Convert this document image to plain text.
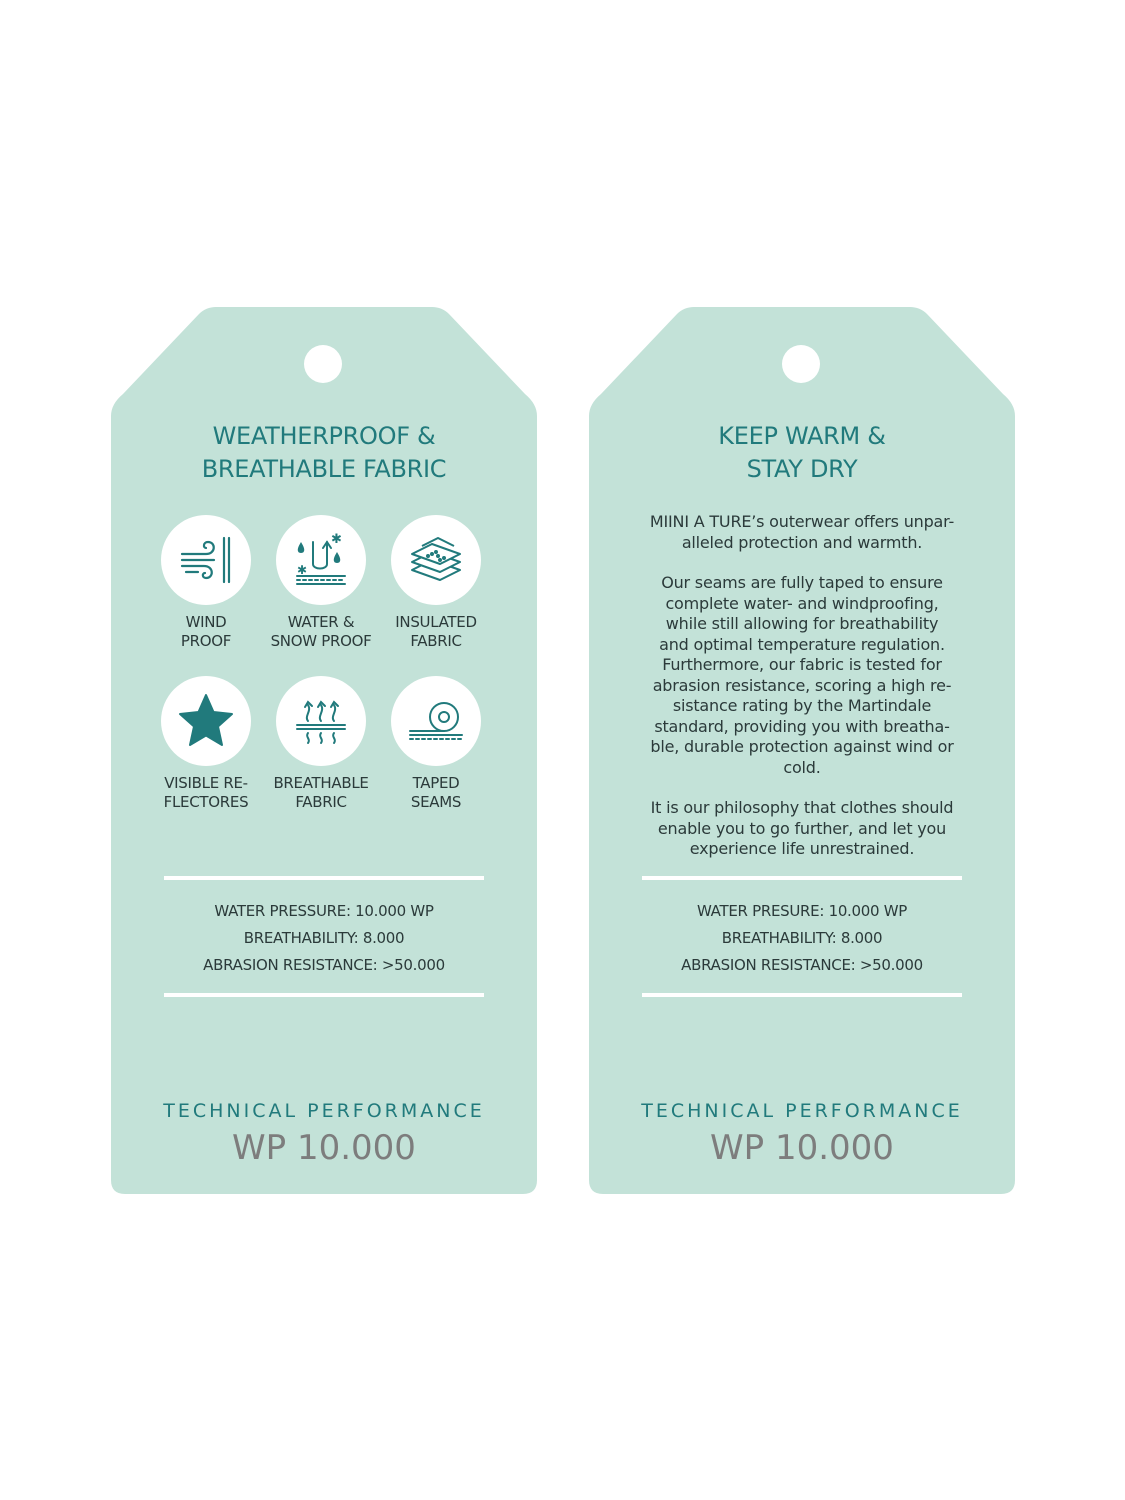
WEATHERPROOF &
BREATHABLE FABRIC
WIND
PROOF
✱
✱
WATER &
SNOW PROOF
INSULATED
FABRIC
VISIBLE RE-
FLECTORES
BREATHABLE
FABRIC
TAPED
SEAMS
WATER PRESSURE: 10.000 WP
BREATHABILITY: 8.000
ABRASION RESISTANCE: >50.000
TECHNICAL PERFORMANCE
WP 10.000
KEEP WARM &
STAY DRY

MIINI A TURE’s outerwear offers unpar-
alleled protection and warmth.

Our seams are fully taped to ensure
complete water- and windproofing,
while still allowing for breathability
and optimal temperature regulation.
Furthermore, our fabric is tested for
abrasion resistance, scoring a high re-
sistance rating by the Martindale
standard, providing you with breatha-
ble, durable protection against wind or
cold.

It is our philosophy that clothes should
enable you to go further, and let you
experience life unrestrained.

WATER PRESURE: 10.000 WP
BREATHABILITY: 8.000
ABRASION RESISTANCE: >50.000
TECHNICAL PERFORMANCE
WP 10.000
